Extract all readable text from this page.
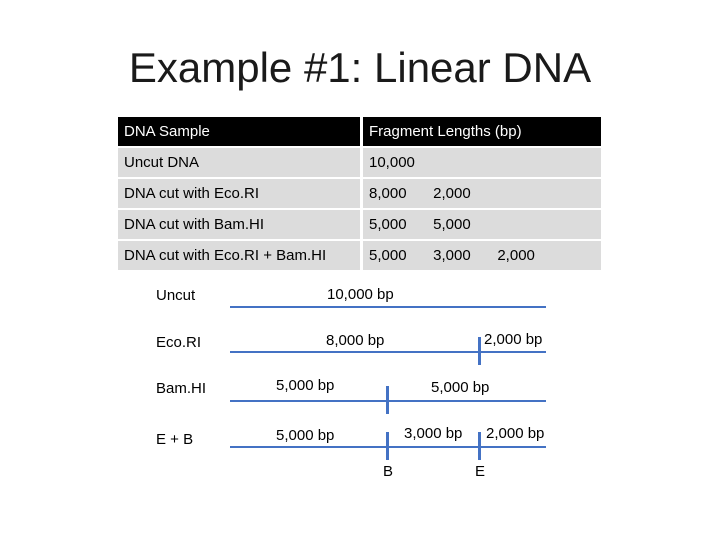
Example #1: Linear DNA
DNA Sample	Fragment Lengths (bp)
Uncut DNA	10,000
DNA cut with Eco.RI	8,000 2,000
DNA cut with Bam.HI	5,000 5,000
DNA cut with Eco.RI + Bam.HI	5,000 3,000 2,000
Uncut	10,000 bp
Eco.RI	8,000 bp	2,000 bp
Bam.HI	5,000 bp	5,000 bp
E + B	5,000 bp	3,000 bp 2,000 bp
B	E
